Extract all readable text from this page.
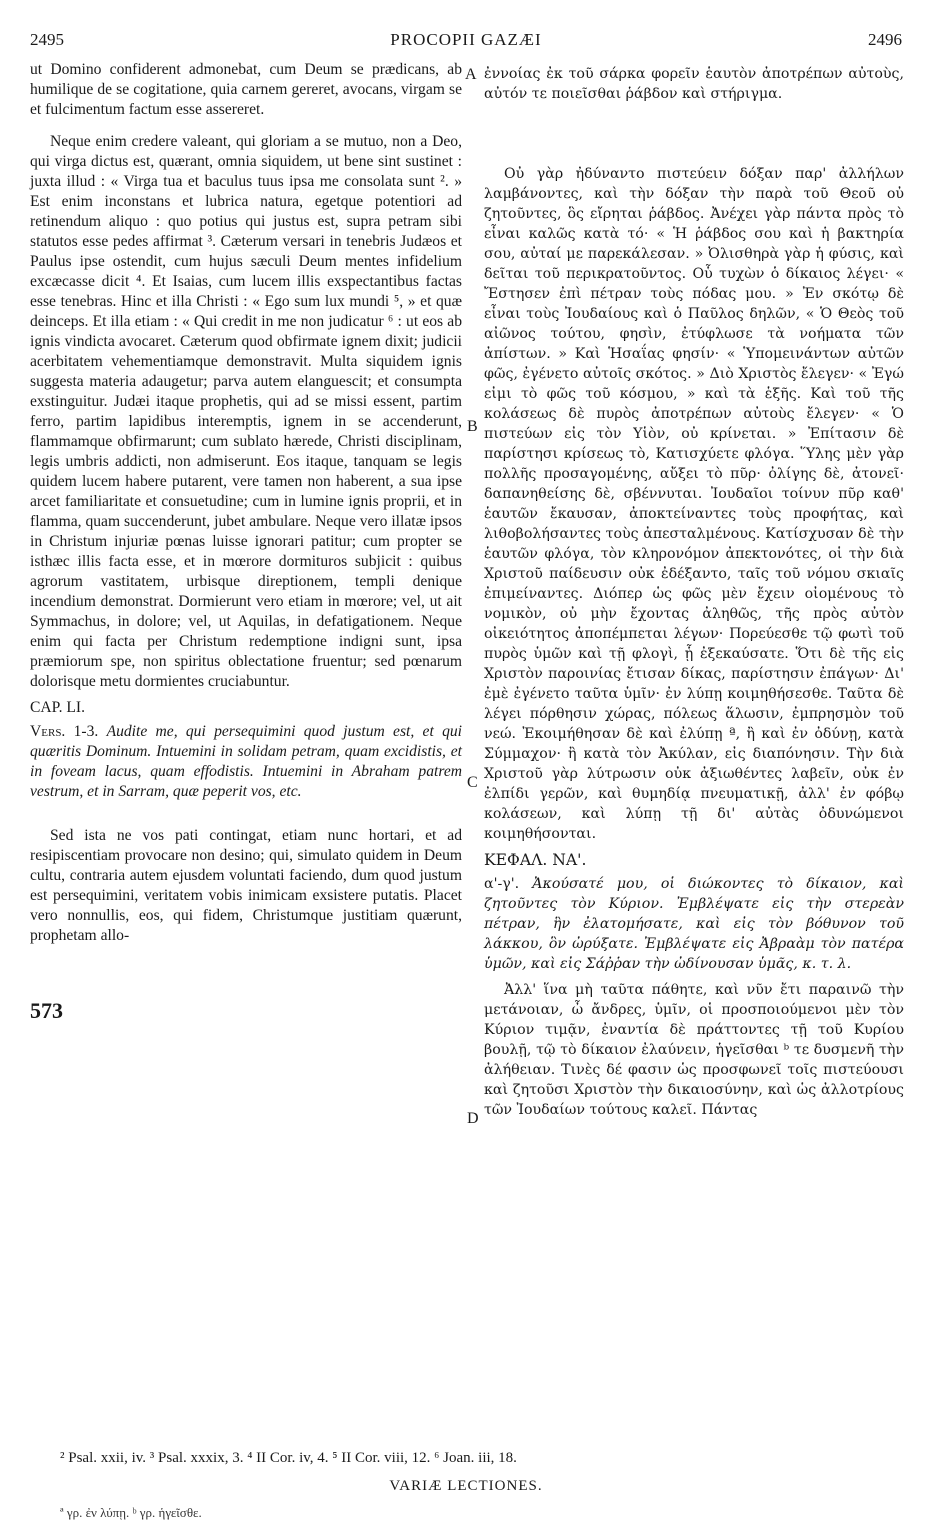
2495	PROCOPII GAZÆI	2496

ut Domino confiderent admonebat, cum Deum se prædicans, ab humilique de se cogitatione, quia carnem gereret, avocans, virgam se et fulcimentum factum esse assereret.

Neque enim credere valeant, qui gloriam a se mutuo, non a Deo, qui virga dictus est, quærant, omnia siquidem, ut bene sint sustinet : juxta illud : « Virga tua et baculus tuus ipsa me consolata sunt ². » Est enim inconstans et lubrica natura, egetque potentiori ad retinendum aliquo : quo potius qui justus est, supra petram sibi statutos esse pedes affirmat ³. Cæterum versari in tenebris Judæos et Paulus ipse ostendit, cum hujus sæculi Deum mentes infidelium excæcasse dicit ⁴. Et Isaias, cum lucem illis exspectantibus factas esse tenebras. Hinc et illa Christi : « Ego sum lux mundi ⁵, » et quæ deinceps. Et illa etiam : « Qui credit in me non judicatur ⁶ : ut eos ab ignis vindicta avocaret. Cæterum quod obfirmate ignem dixit; judicii acerbitatem vehementiamque demonstravit. Multa siquidem ignis suggesta materia adaugetur; parva autem elanguescit; et consumpta exstinguitur. Judæi itaque prophetis, qui ad se missi essent, partim ferro, partim lapidibus interemptis, ignem in se accenderunt, flammamque obfirmarunt; cum sublato hærede, Christi disciplinam, legis umbris addicti, non admiserunt. Eos itaque, tanquam se legis quidem lucem habere putarent, vere tamen non haberent, a sua ipse arcet familiaritate et consuetudine; cum in lumine ignis proprii, et in flamma, quam succenderunt, jubet ambulare. Neque vero illatæ ipsos in Christum injuriæ pœnas luisse ignorari patitur; cum propter se isthæc illis facta esse, et in mœrore dormituros subjicit : quibus agrorum vastitatem, urbisque direptionem, templi denique incendium demonstrat. Dormierunt vero etiam in mœrore; vel, ut ait Symmachus, in dolore; vel, ut Aquilas, in defatigationem. Neque enim qui facta per Christum redemptione indigni sunt, ipsa præmiorum spe, non spiritus oblectatione fruentur; sed pœnarum dolorisque metu dormientes cruciabuntur.

CAP. LI.

Vers. 1-3. Audite me, qui persequimini quod justum est, et qui quæritis Dominum. Intuemini in solidam petram, quam excidistis, et in foveam lacus, quam effodistis. Intuemini in Abraham patrem vestrum, et in Sarram, quæ peperit vos, etc.

Sed ista ne vos pati contingat, etiam nunc hortari, et ad resipiscentiam provocare non desino; qui, simulato quidem in Deum cultu, contraria autem ejusdem voluntati faciendo, dum quod justum est persequimini, veritatem vobis inimicam exsistere putatis. Placet vero nonnullis, eos, qui fidem, Christumque justitiam quærunt, prophetam allo-

ἐννοίας ἐκ τοῦ σάρκα φορεῖν ἑαυτὸν ἀποτρέπων αὐτοὺς, αὐτόν τε ποιεῖσθαι ῥάβδον καὶ στήριγμα.

Οὐ γὰρ ἠδύναντο πιστεύειν δόξαν παρ' ἀλλήλων λαμβάνοντες, καὶ τὴν δόξαν τὴν παρὰ τοῦ Θεοῦ οὐ ζητοῦντες, ὃς εἴρηται ῥάβδος. Ἀνέχει γὰρ πάντα πρὸς τὸ εἶναι καλῶς κατὰ τό· « Ἡ ῥάβδος σου καὶ ἡ βακτηρία σου, αὐταί με παρεκάλεσαν. » Ὀλισθηρὰ γὰρ ἡ φύσις, καὶ δεῖται τοῦ περικρατοῦντος. Οὗ τυχὼν ὁ δίκαιος λέγει· « Ἔστησεν ἐπὶ πέτραν τοὺς πόδας μου. » Ἐν σκότῳ δὲ εἶναι τοὺς Ἰουδαίους καὶ ὁ Παῦλος δηλῶν, « Ὁ Θεὸς τοῦ αἰῶνος τούτου, φησὶν, ἐτύφλωσε τὰ νοήματα τῶν ἀπίστων. » Καὶ Ἡσαΐας φησίν· « Ὑπομεινάντων αὐτῶν φῶς, ἐγένετο αὐτοῖς σκότος. » Διὸ Χριστὸς ἔλεγεν· « Ἐγώ εἰμι τὸ φῶς τοῦ κόσμου, » καὶ τὰ ἑξῆς. Καὶ τοῦ τῆς κολάσεως δὲ πυρὸς ἀποτρέπων αὐτοὺς ἔλεγεν· « Ὁ πιστεύων εἰς τὸν Υἱὸν, οὐ κρίνεται. » Ἐπίτασιν δὲ παρίστησι κρίσεως τὸ, Κατισχύετε φλόγα. Ὕλης μὲν γὰρ πολλῆς προσαγομένης, αὔξει τὸ πῦρ· ὀλίγης δὲ, ἀτονεῖ· δαπανηθείσης δὲ, σβέννυται. Ἰουδαῖοι τοίνυν πῦρ καθ' ἑαυτῶν ἔκαυσαν, ἀποκτείναντες τοὺς προφήτας, καὶ λιθοβολήσαντες τοὺς ἀπεσταλμένους. Κατίσχυσαν δὲ τὴν ἑαυτῶν φλόγα, τὸν κληρονόμον ἀπεκτονότες, οἱ τὴν διὰ Χριστοῦ παίδευσιν οὐκ ἐδέξαντο, ταῖς τοῦ νόμου σκιαῖς ἐπιμείναντες. Διόπερ ὡς φῶς μὲν ἔχειν οἰομένους τὸ νομικὸν, οὐ μὴν ἔχοντας ἀληθῶς, τῆς πρὸς αὐτὸν οἰκειότητος ἀποπέμπεται λέγων· Πορεύεσθε τῷ φωτὶ τοῦ πυρὸς ὑμῶν καὶ τῇ φλογὶ, ᾗ ἐξεκαύσατε. Ὅτι δὲ τῆς εἰς Χριστὸν παροινίας ἔτισαν δίκας, παρίστησιν ἐπάγων· Δι' ἐμὲ ἐγένετο ταῦτα ὑμῖν· ἐν λύπῃ κοιμηθήσεσθε. Ταῦτα δὲ λέγει πόρθησιν χώρας, πόλεως ἅλωσιν, ἐμπρησμὸν τοῦ νεώ. Ἐκοιμήθησαν δὲ καὶ ἐλύπῃ ª, ἢ καὶ ἐν ὀδύνῃ, κατὰ Σύμμαχον· ἢ κατὰ τὸν Ἀκύλαν, εἰς διαπόνησιν. Τὴν διὰ Χριστοῦ γὰρ λύτρωσιν οὐκ ἀξιωθέντες λαβεῖν, οὐκ ἐν ἐλπίδι γερῶν, καὶ θυμηδίᾳ πνευματικῇ, ἀλλ' ἐν φόβῳ κολάσεων, καὶ λύπῃ τῇ δι' αὐτὰς ὀδυνώμενοι κοιμηθήσονται.

ΚΕΦΑΛ. ΝΑ'.

α'-γ'. Ἀκούσατέ μου, οἱ διώκοντες τὸ δίκαιον, καὶ ζητοῦντες τὸν Κύριον. Ἐμβλέψατε εἰς τὴν στερεὰν πέτραν, ἣν ἐλατομήσατε, καὶ εἰς τὸν βόθυνον τοῦ λάκκου, ὃν ὠρύξατε. Ἐμβλέψατε εἰς Ἀβραὰμ τὸν πατέρα ὑμῶν, καὶ εἰς Σάῤῥαν τὴν ὠδίνουσαν ὑμᾶς, κ. τ. λ.

Ἀλλ' ἵνα μὴ ταῦτα πάθητε, καὶ νῦν ἔτι παραινῶ τὴν μετάνοιαν, ὦ ἄνδρες, ὑμῖν, οἱ προσποιούμενοι μὲν τὸν Κύριον τιμᾷν, ἐναντία δὲ πράττοντες τῇ τοῦ Κυρίου βουλῇ, τῷ τὸ δίκαιον ἐλαύνειν, ἡγεῖσθαι ᵇ τε δυσμενῆ τὴν ἀλήθειαν. Τινὲς δέ φασιν ὡς προσφωνεῖ τοῖς πιστεύουσι καὶ ζητοῦσι Χριστὸν τὴν δικαιοσύνην, καὶ ὡς ἀλλοτρίους τῶν Ἰουδαίων τούτους καλεῖ. Πάντας

A
B
C
D
573
² Psal. xxii, iv. ³ Psal. xxxix, 3. ⁴ II Cor. iv, 4. ⁵ II Cor. viii, 12. ⁶ Joan. iii, 18.
VARIÆ LECTIONES.
ª γρ. ἐν λύπῃ. ᵇ γρ. ἡγεῖσθε.
